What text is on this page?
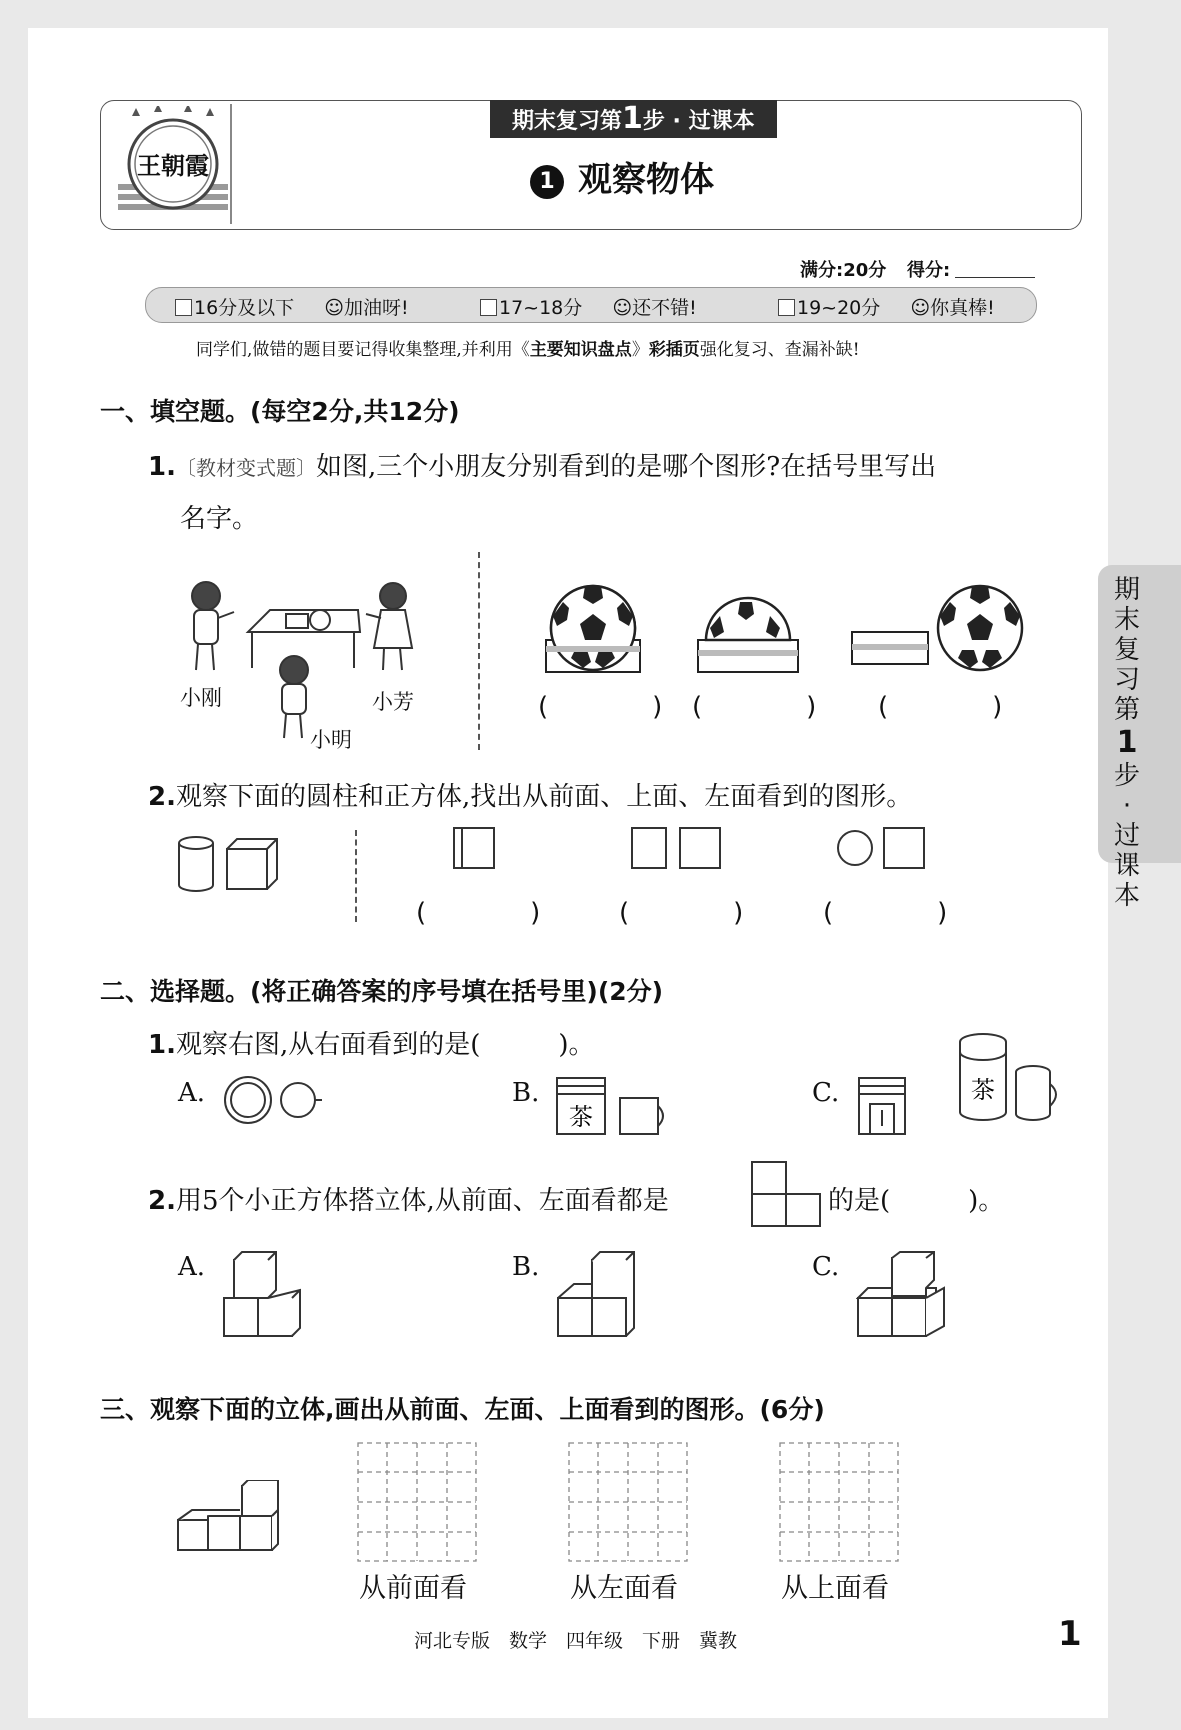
王朝霞
期末复习第1步 · 过课本
1 观察物体
满分:20分 得分:
16分及以下 ☺加油呀!	17~18分 ☺还不错!	19~20分 ☺你真棒!
同学们,做错的题目要记得收集整理,并利用《主要知识盘点》彩插页强化复习、查漏补缺!
一、填空题。(每空2分,共12分)
1.〔教材变式题〕如图,三个小朋友分别看到的是哪个图形?在括号里写出
名字。
小刚	小芳
小明
(　　　　) (　　　　) (　　　　)
2.观察下面的圆柱和正方体,找出从前面、上面、左面看到的图形。
(　　　　)	(　　　　)	(　　　　)
二、选择题。(将正确答案的序号填在括号里)(2分)
1.观察右图,从右面看到的是(　　　)。
A.	B.	C.
茶
茶
2.用5个小正方体搭立体,从前面、左面看都是	的是(　　　)。
A.	B.	C.
三、观察下面的立体,画出从前面、左面、上面看到的图形。(6分)
从前面看	从左面看	从上面看
期末复习第
1
步·过课本
河北专版　数学　四年级　下册　冀教	1
